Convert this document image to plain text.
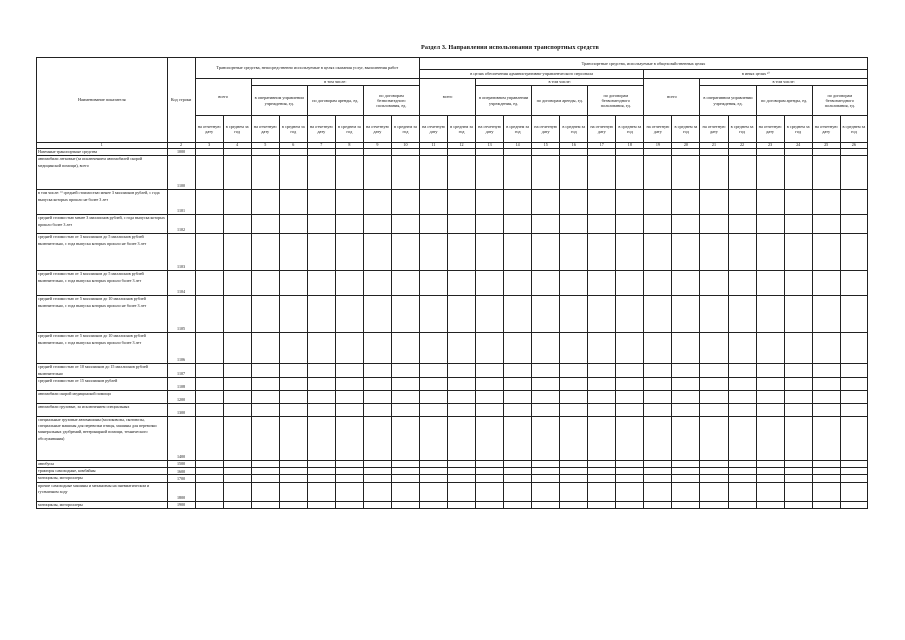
Раздел 3. Направления использования транспортных средств
Наименование показателя	Код строки	Транспортные средства, непосредственно используемые в целях оказания услуг, выполнения работ								Транспортные средства, используемые в общехозяйственных целях															
										в целях обеспечения административно-управленческого персонала								в иных целях ²⁾							
		всего		в том числе:						всего		в том числе:						всего		в том числе:					
				в оперативном управлении учреждения, ед.		по договорам аренды, ед.		по договорам безвозмездного пользования, ед.				в оперативном управлении учреждения, ед.		по договорам аренды, ед.		по договорам безвозмездного пользования, ед.				в оперативном управлении учреждения, ед.		по договорам аренды, ед.		по договорам безвозмездного пользования, ед.	
		на отчетную дату	в среднем за год	на отчетную дату	в среднем за год	на отчетную дату	в среднем за год	на отчетную дату	в среднем за год	на отчетную дату	в среднем за год	на отчетную дату	в среднем за год	на отчетную дату	в среднем за год	на отчетную дату	в среднем за год	на отчетную дату	в среднем за год	на отчетную дату	в среднем за год	на отчетную дату	в среднем за год	на отчетную дату	в среднем за год
1	2	3	4	5	6	7	8	9	10	11	12	13	14	15	16	17	18	19	20	21	22	23	24	25	26
Наземные транспортные средства	1000																								
автомобили легковые (за исключением автомобилей скорой медицинской помощи), всего	1100																								
в том числе: ¹⁾ средней стоимостью менее 3 миллионов рублей, с года выпуска которых прошло не более 3 лет	1101																								
средней стоимостью менее 3 миллионов рублей, с года выпуска которых прошло более 3 лет	1102																								
средней стоимостью от 3 миллионов до 5 миллионов рублей включительно, с года выпуска которых прошло не более 3 лет	1103																								
средней стоимостью от 3 миллионов до 5 миллионов рублей включительно, с года выпуска которых прошло более 3 лет	1104																								
средней стоимостью от 5 миллионов до 10 миллионов рублей включительно, с года выпуска которых прошло не более 3 лет	1105																								
средней стоимостью от 5 миллионов до 10 миллионов рублей включительно, с года выпуска которых прошло более 3 лет	1106																								
средней стоимостью от 10 миллионов до 15 миллионов рублей включительно	1107																								
средней стоимостью от 15 миллионов рублей	1108																								
автомобили скорой медицинской помощи	1200																								
автомобили грузовые, за исключением специальных	1300																								
специальные грузовые автомашины (молоковозы, скотовозы, специальные машины для перевозки птицы, машины для перевозки минеральных удобрений, ветеринарной помощи, технического обслуживания)	1400																								
автобусы	1500																								
тракторы самоходные, комбайны	1600																								
мотоциклы, мотороллеры	1700																								
прочие самоходные машины и механизмы на пневматическом и гусеничном ходу	1800																								
мотоциклы, мотороллеры	1900																								
